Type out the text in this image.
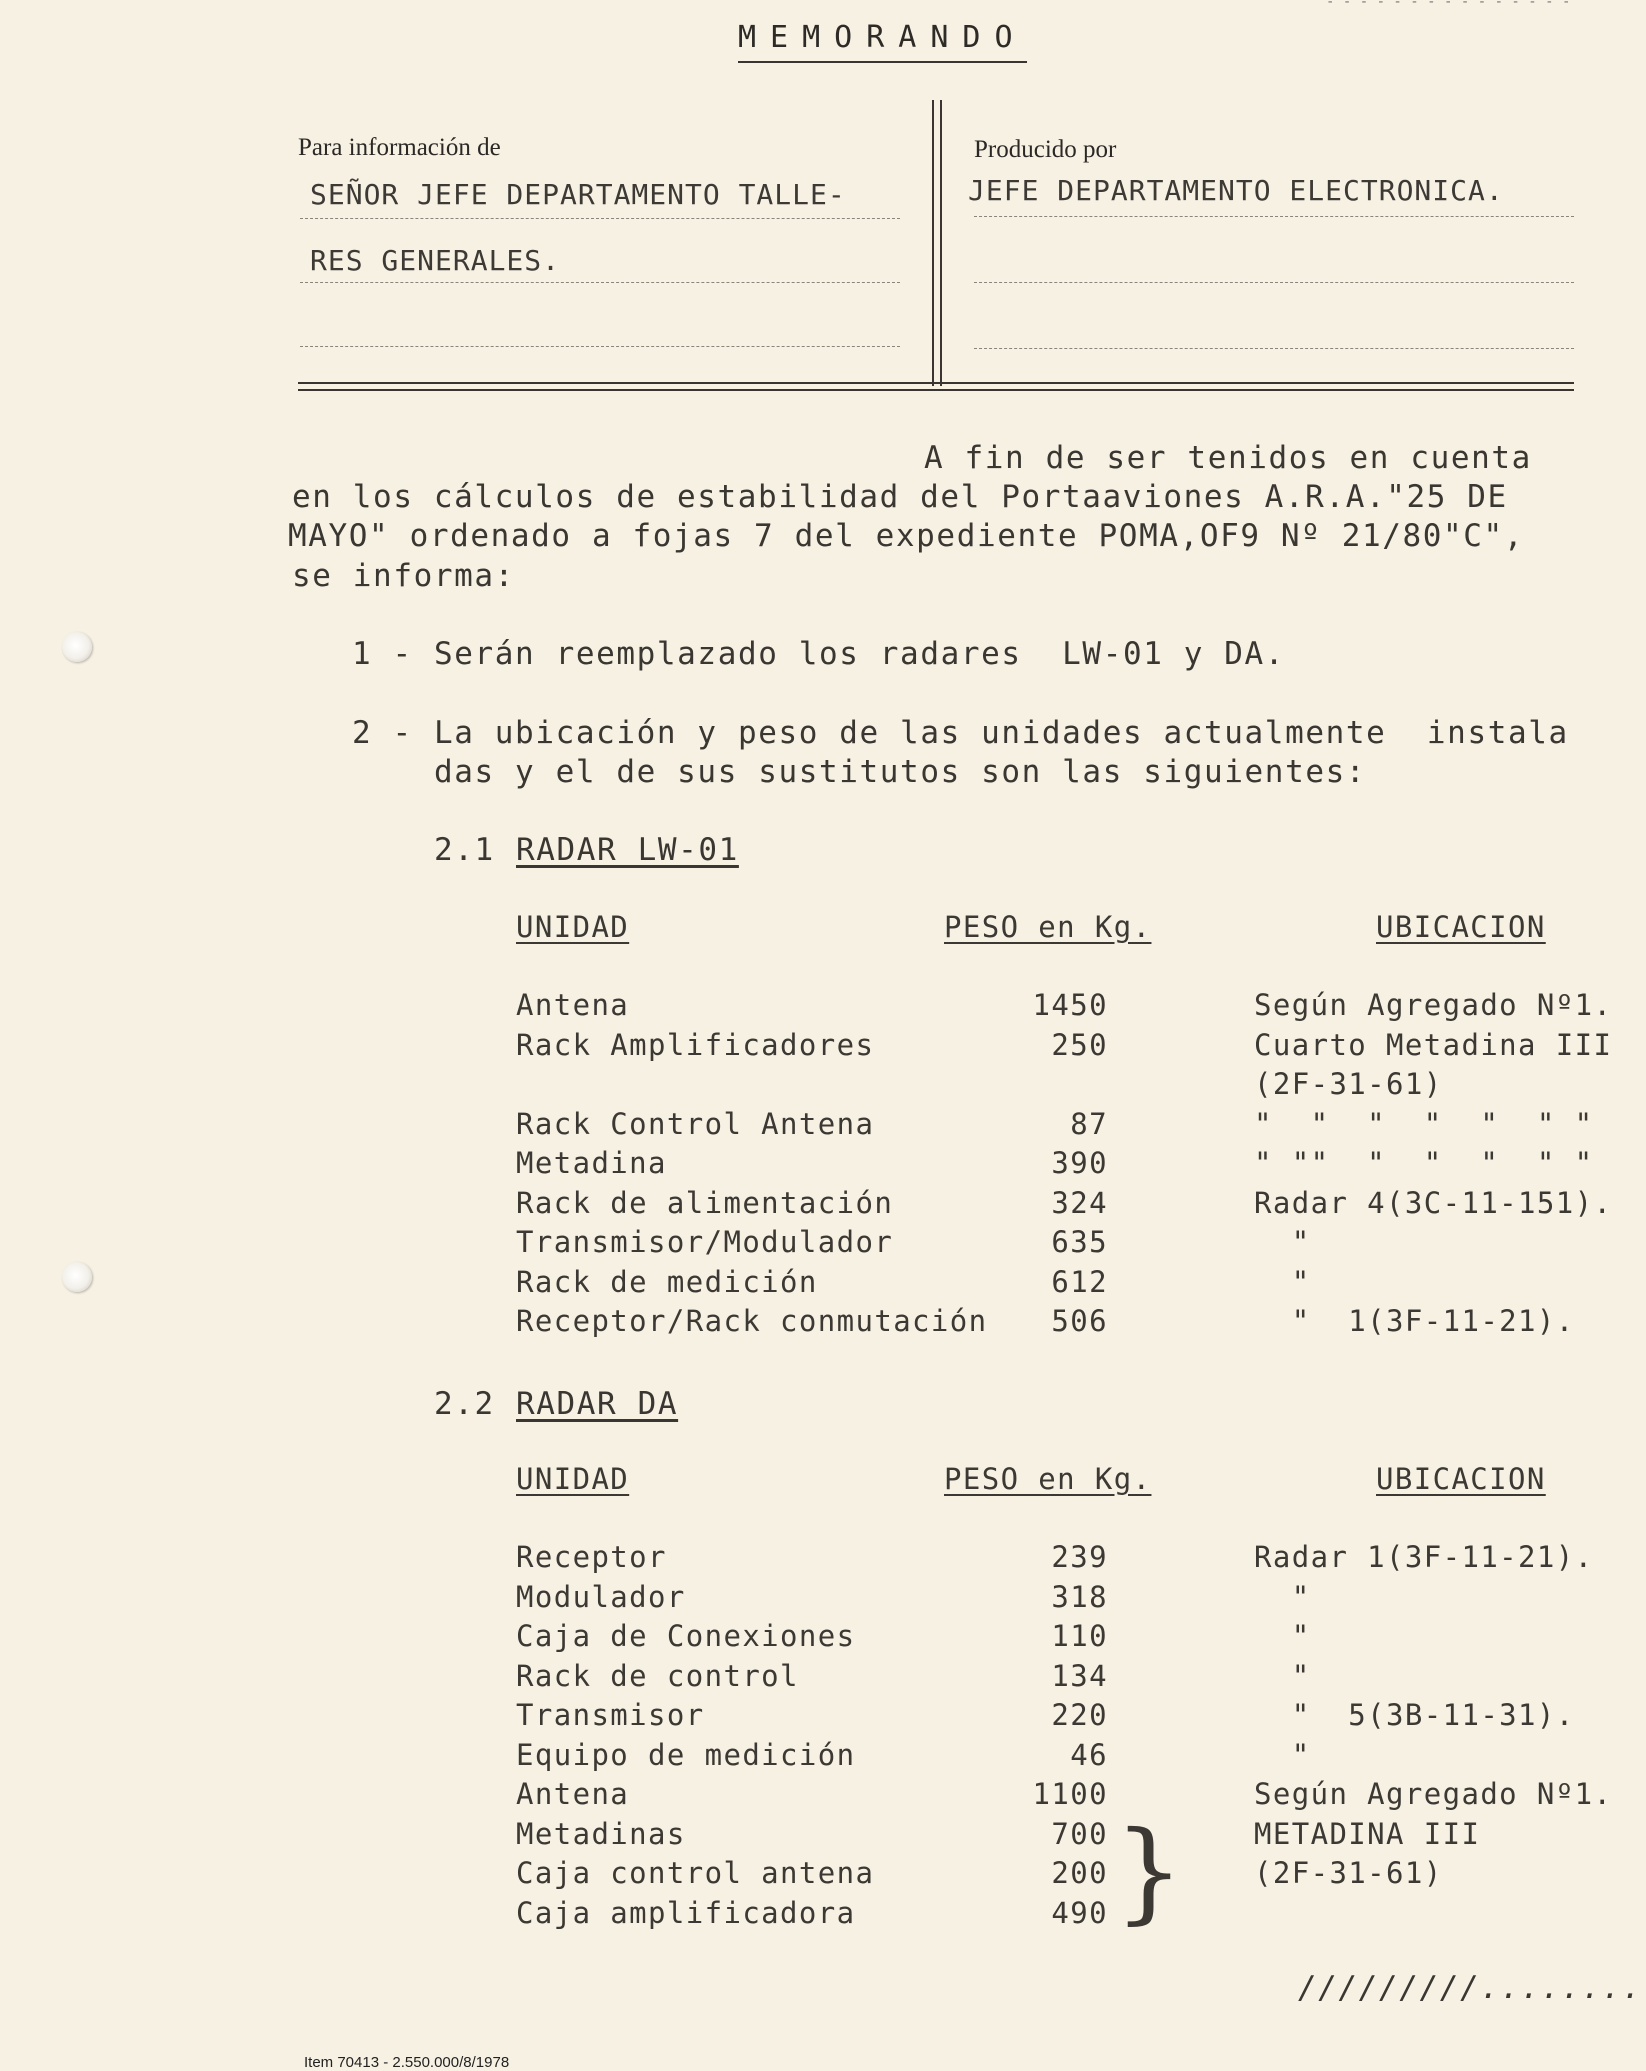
- - - - - - - - - - - - - - -
MEMORANDO
Para información de
SEÑOR JEFE DEPARTAMENTO TALLE-
RES GENERALES.
Producido por
JEFE DEPARTAMENTO ELECTRONICA.
A fin de ser tenidos en cuenta
en los cálculos de estabilidad del Portaaviones A.R.A."25 DE
MAYO" ordenado a fojas 7 del expediente POMA,OF9 Nº 21/80"C",
se informa:
1 - Serán reemplazado los radares  LW-01 y DA.
2 - La ubicación y peso de las unidades actualmente  instala
das y el de sus sustitutos son las siguientes:
2.1 RADAR LW-01
UNIDAD	PESO en Kg.	UBICACION
Antena	1450	Según Agregado Nº1.
Rack Amplificadores	250	Cuarto Metadina III
(2F-31-61)
Rack Control Antena	87	"  "  "  "  "  " "
Metadina	390	" ""  "  "  "  " "
Rack de alimentación	324	Radar 4(3C-11-151).
Transmisor/Modulador	635	"
Rack de medición	612	"
Receptor/Rack conmutación	506	"  1(3F-11-21).
2.2 RADAR DA
UNIDAD	PESO en Kg.	UBICACION
Receptor	239	Radar 1(3F-11-21).
Modulador	318	"
Caja de Conexiones	110	"
Rack de control	134	"
Transmisor	220	"  5(3B-11-31).
Equipo de medición	46	"
Antena	1100	Según Agregado Nº1.
Metadinas	700	METADINA III
Caja control antena	200	(2F-31-61)
Caja amplificadora	490 }
/////////........
Item 70413 - 2.550.000/8/1978
